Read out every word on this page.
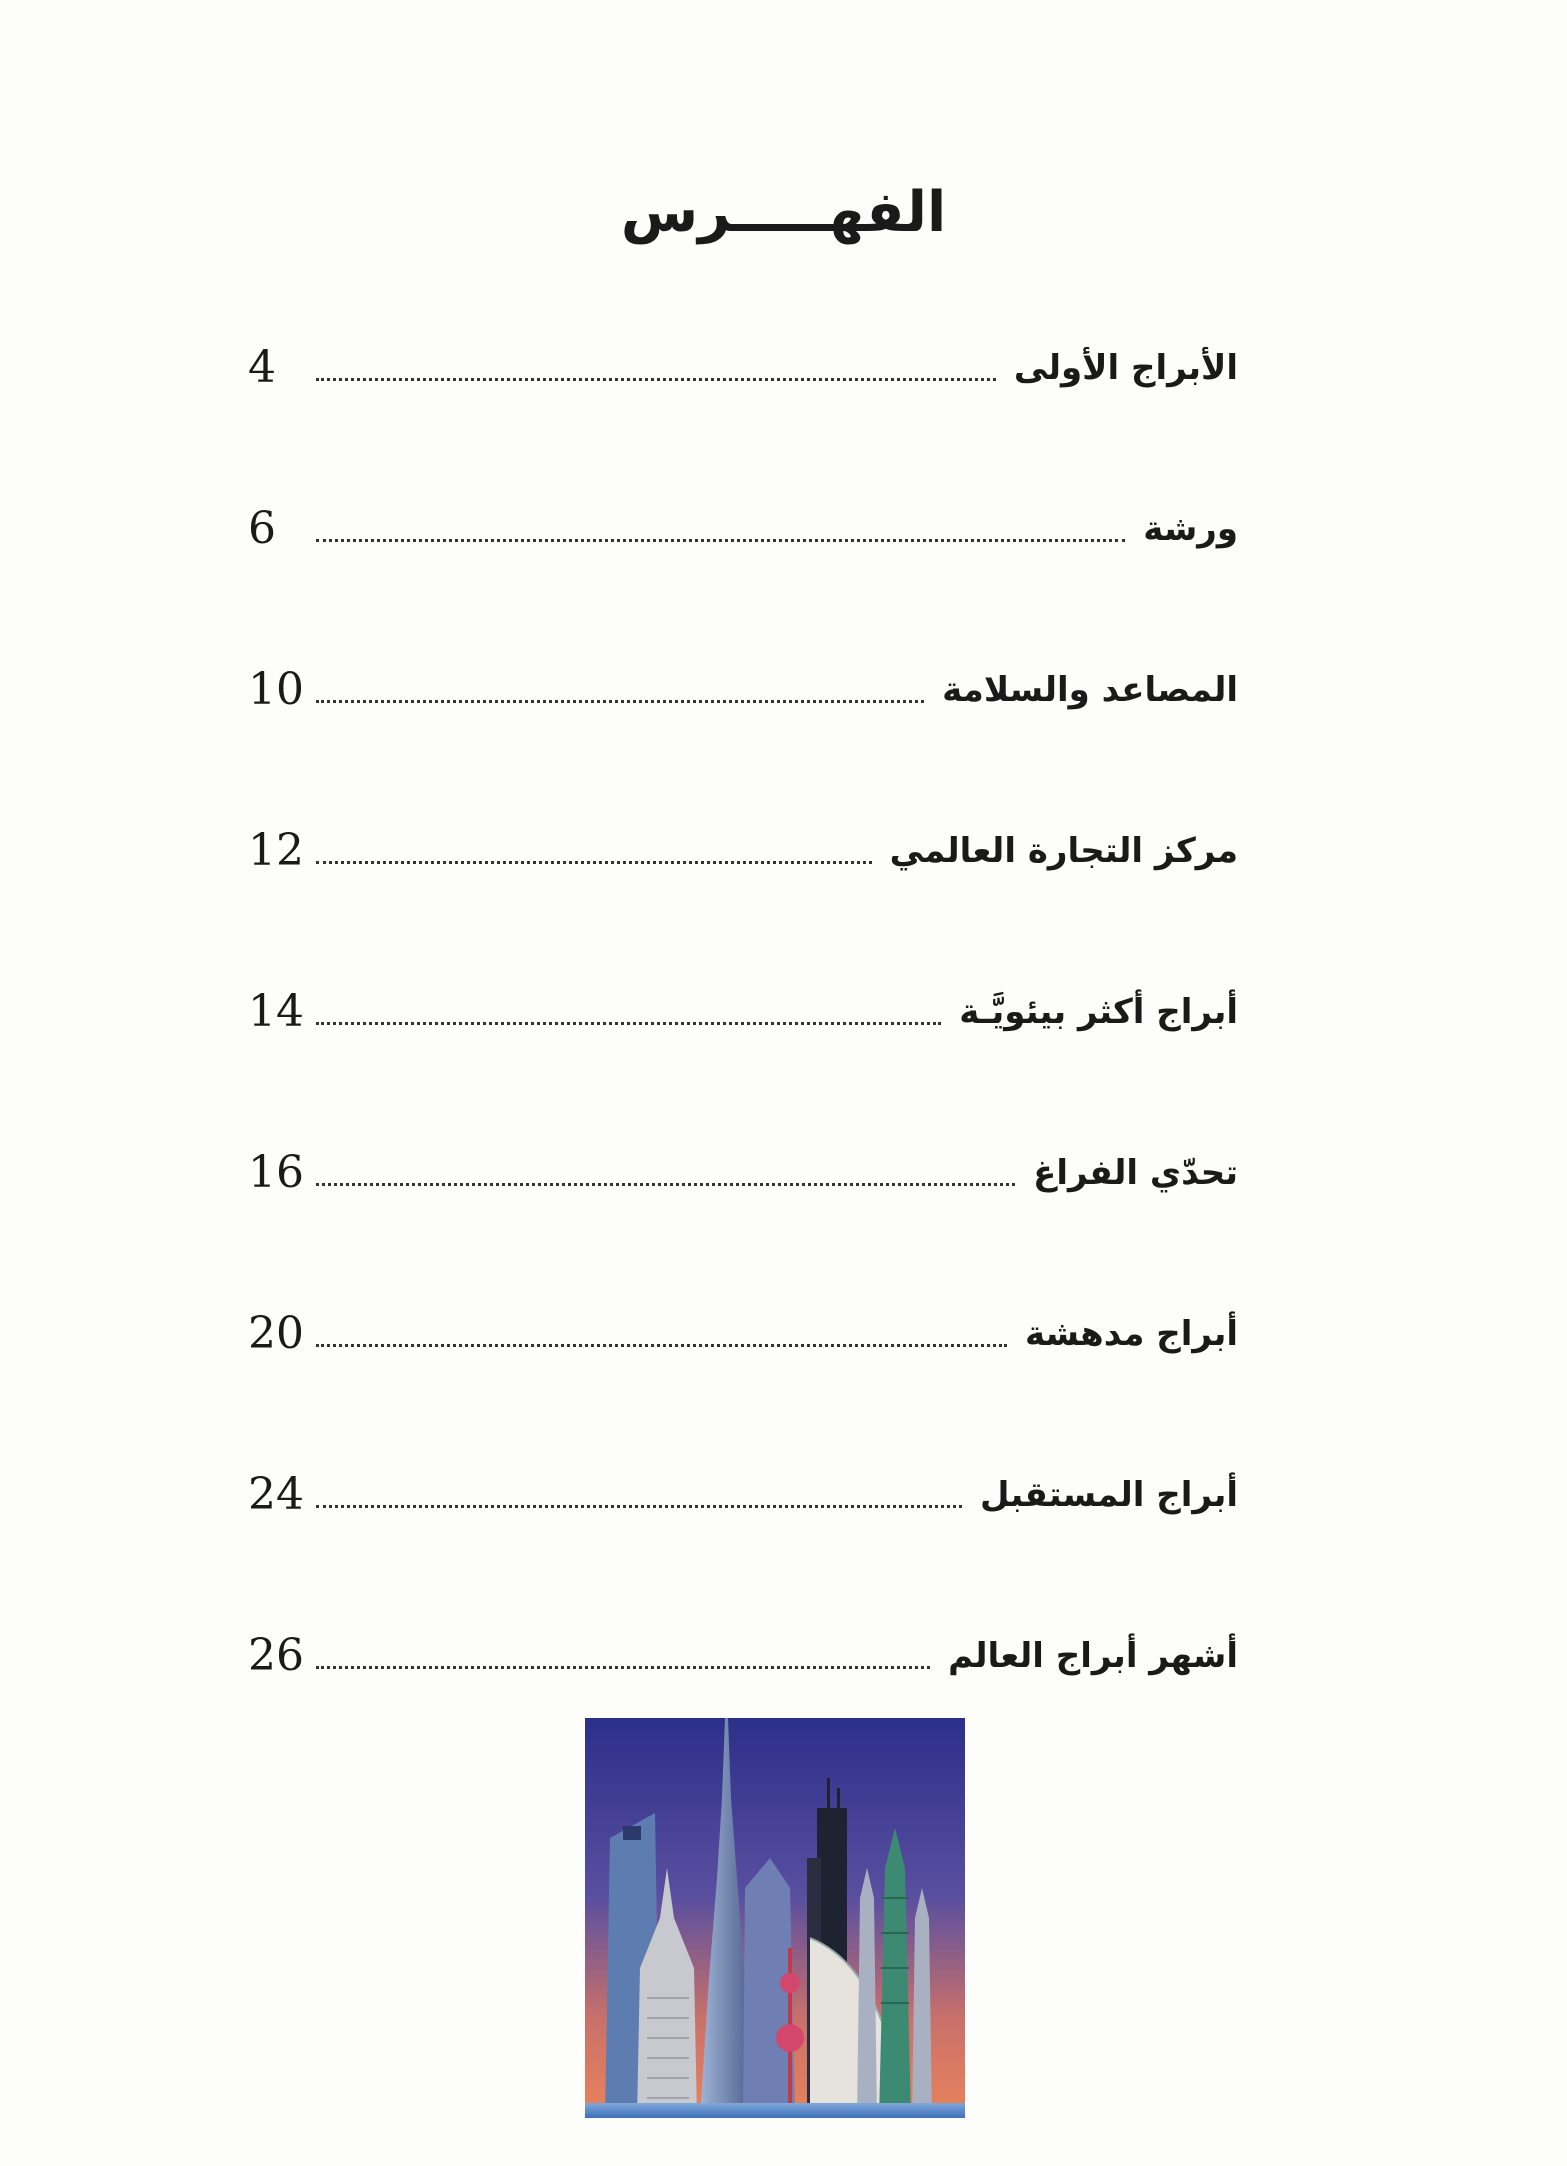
الفهـــــرس
4	الأبراج الأولى
6	ورشة
10	المصاعد والسلامة
12	مركز التجارة العالمي
14	أبراج أكثر بيئويَّـة
16	تحدّي الفراغ
20	أبراج مدهشة
24	أبراج المستقبل
26	أشهر أبراج العالم
